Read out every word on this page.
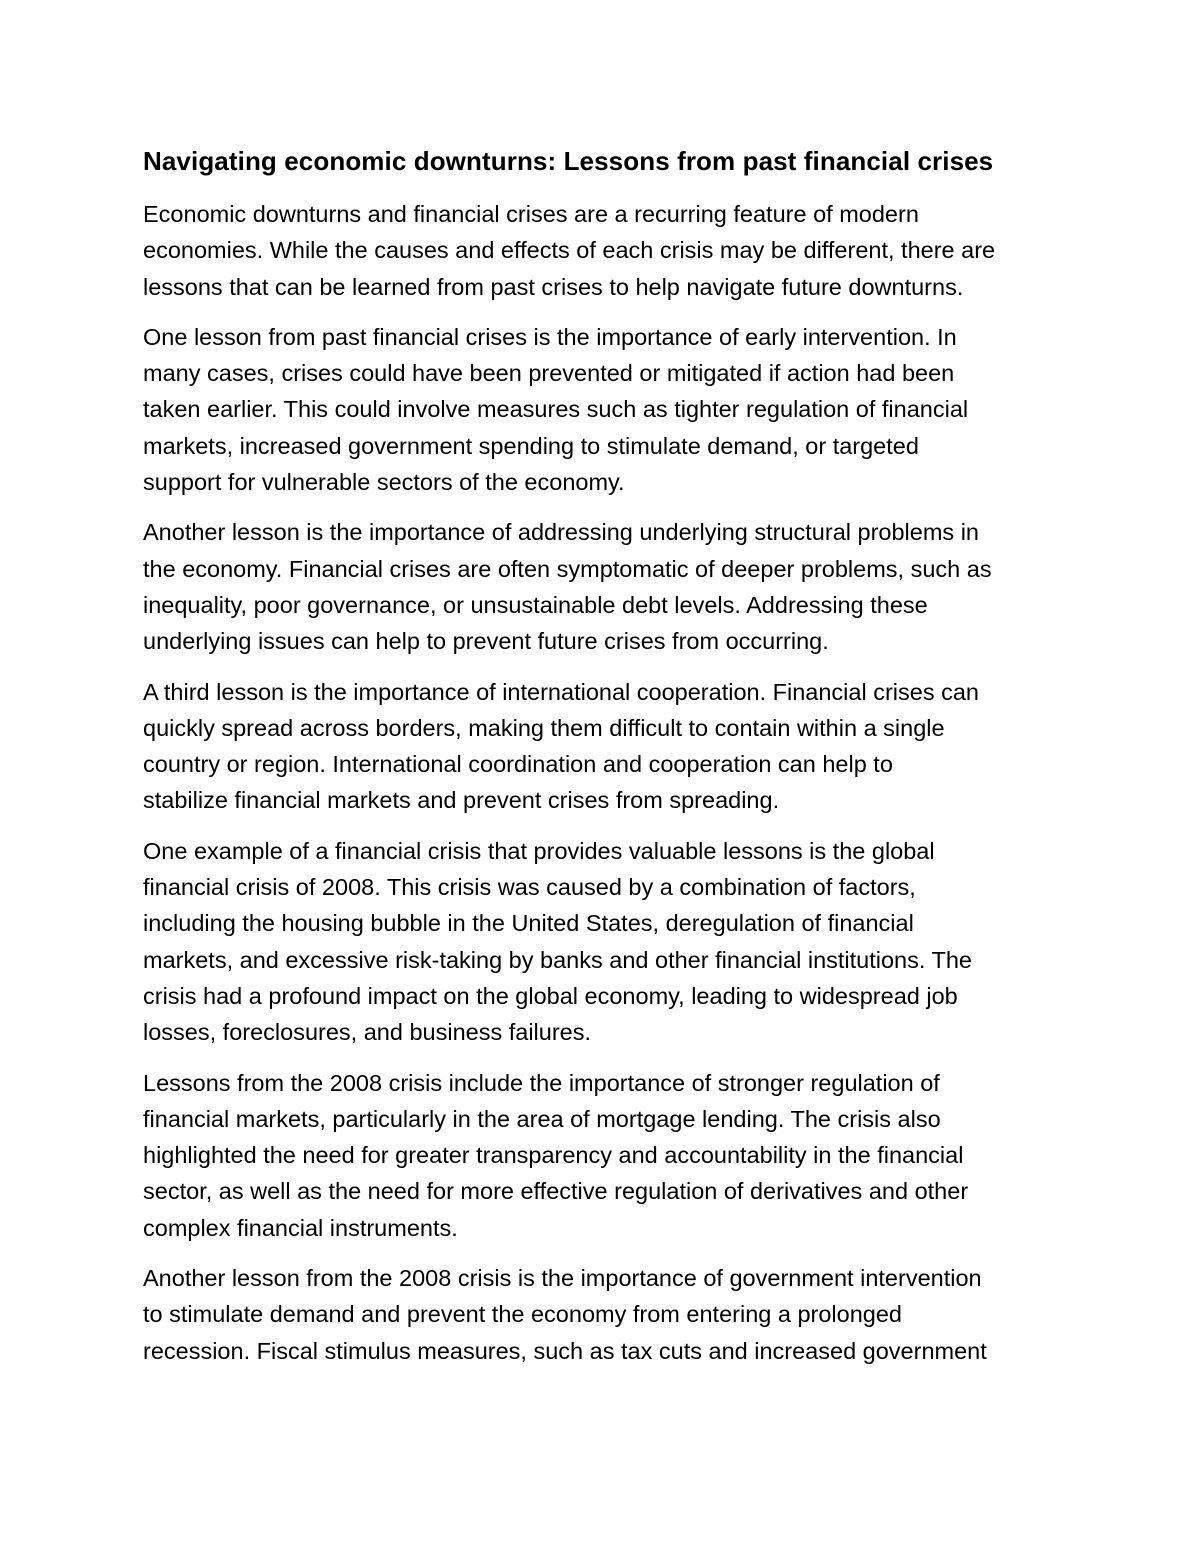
Navigating economic downturns: Lessons from past financial crises
Economic downturns and financial crises are a recurring feature of modern
economies. While the causes and effects of each crisis may be different, there are
lessons that can be learned from past crises to help navigate future downturns.
One lesson from past financial crises is the importance of early intervention. In
many cases, crises could have been prevented or mitigated if action had been
taken earlier. This could involve measures such as tighter regulation of financial
markets, increased government spending to stimulate demand, or targeted
support for vulnerable sectors of the economy.
Another lesson is the importance of addressing underlying structural problems in
the economy. Financial crises are often symptomatic of deeper problems, such as
inequality, poor governance, or unsustainable debt levels. Addressing these
underlying issues can help to prevent future crises from occurring.
A third lesson is the importance of international cooperation. Financial crises can
quickly spread across borders, making them difficult to contain within a single
country or region. International coordination and cooperation can help to
stabilize financial markets and prevent crises from spreading.
One example of a financial crisis that provides valuable lessons is the global
financial crisis of 2008. This crisis was caused by a combination of factors,
including the housing bubble in the United States, deregulation of financial
markets, and excessive risk-taking by banks and other financial institutions. The
crisis had a profound impact on the global economy, leading to widespread job
losses, foreclosures, and business failures.
Lessons from the 2008 crisis include the importance of stronger regulation of
financial markets, particularly in the area of mortgage lending. The crisis also
highlighted the need for greater transparency and accountability in the financial
sector, as well as the need for more effective regulation of derivatives and other
complex financial instruments.
Another lesson from the 2008 crisis is the importance of government intervention
to stimulate demand and prevent the economy from entering a prolonged
recession. Fiscal stimulus measures, such as tax cuts and increased government
